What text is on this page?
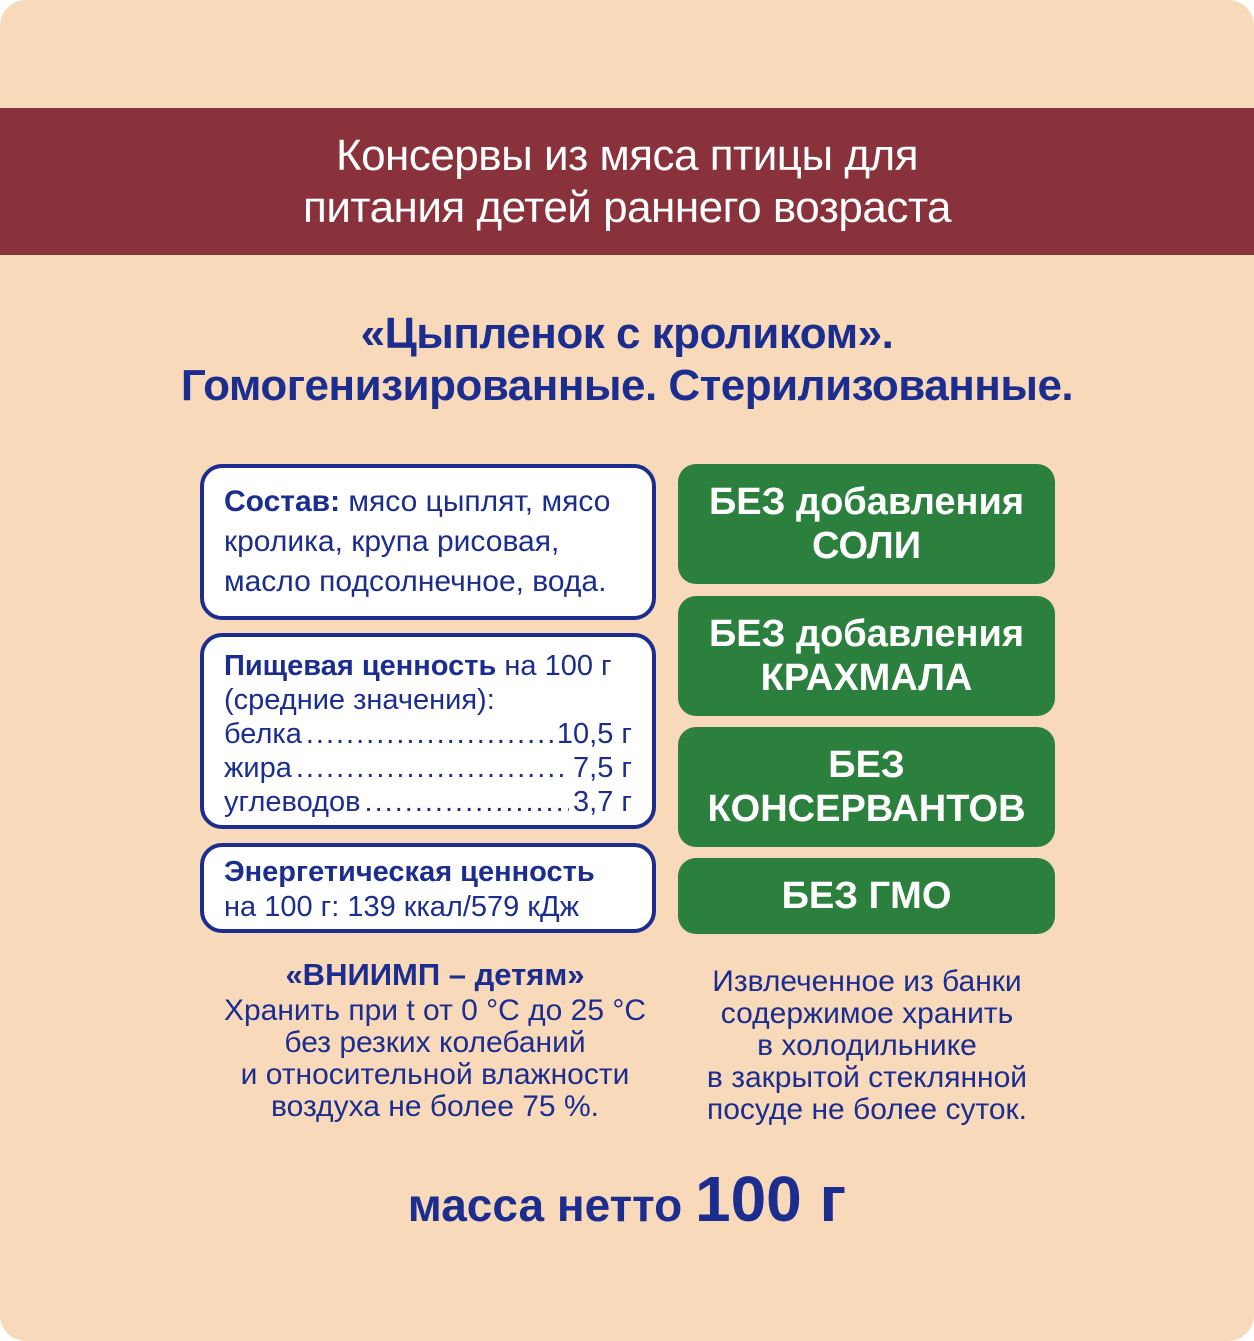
Консервы из мяса птицы для
питания детей раннего возраста
«Цыпленок с кроликом».
Гомогенизированные. Стерилизованные.
Состав: мясо цыплят, мясо
кролика, крупа рисовая,
масло подсолнечное, вода.
Пищевая ценность на 100 г
(средние значения):
белка .....	10,5 г
жира .....	7,5 г
углеводов .....	3,7 г
Энергетическая ценность
на 100 г: 139 ккал/579 кДж
БЕЗ добавления
СОЛИ
БЕЗ добавления
КРАХМАЛА
БЕЗ
КОНСЕРВАНТОВ
БЕЗ ГМО
«ВНИИМП – детям»
Хранить при t от 0 °С до 25 °С
без резких колебаний
и относительной влажности
воздуха не более 75 %.
Извлеченное из банки
содержимое хранить
в холодильнике
в закрытой стеклянной
посуде не более суток.
масса нетто 100 г
